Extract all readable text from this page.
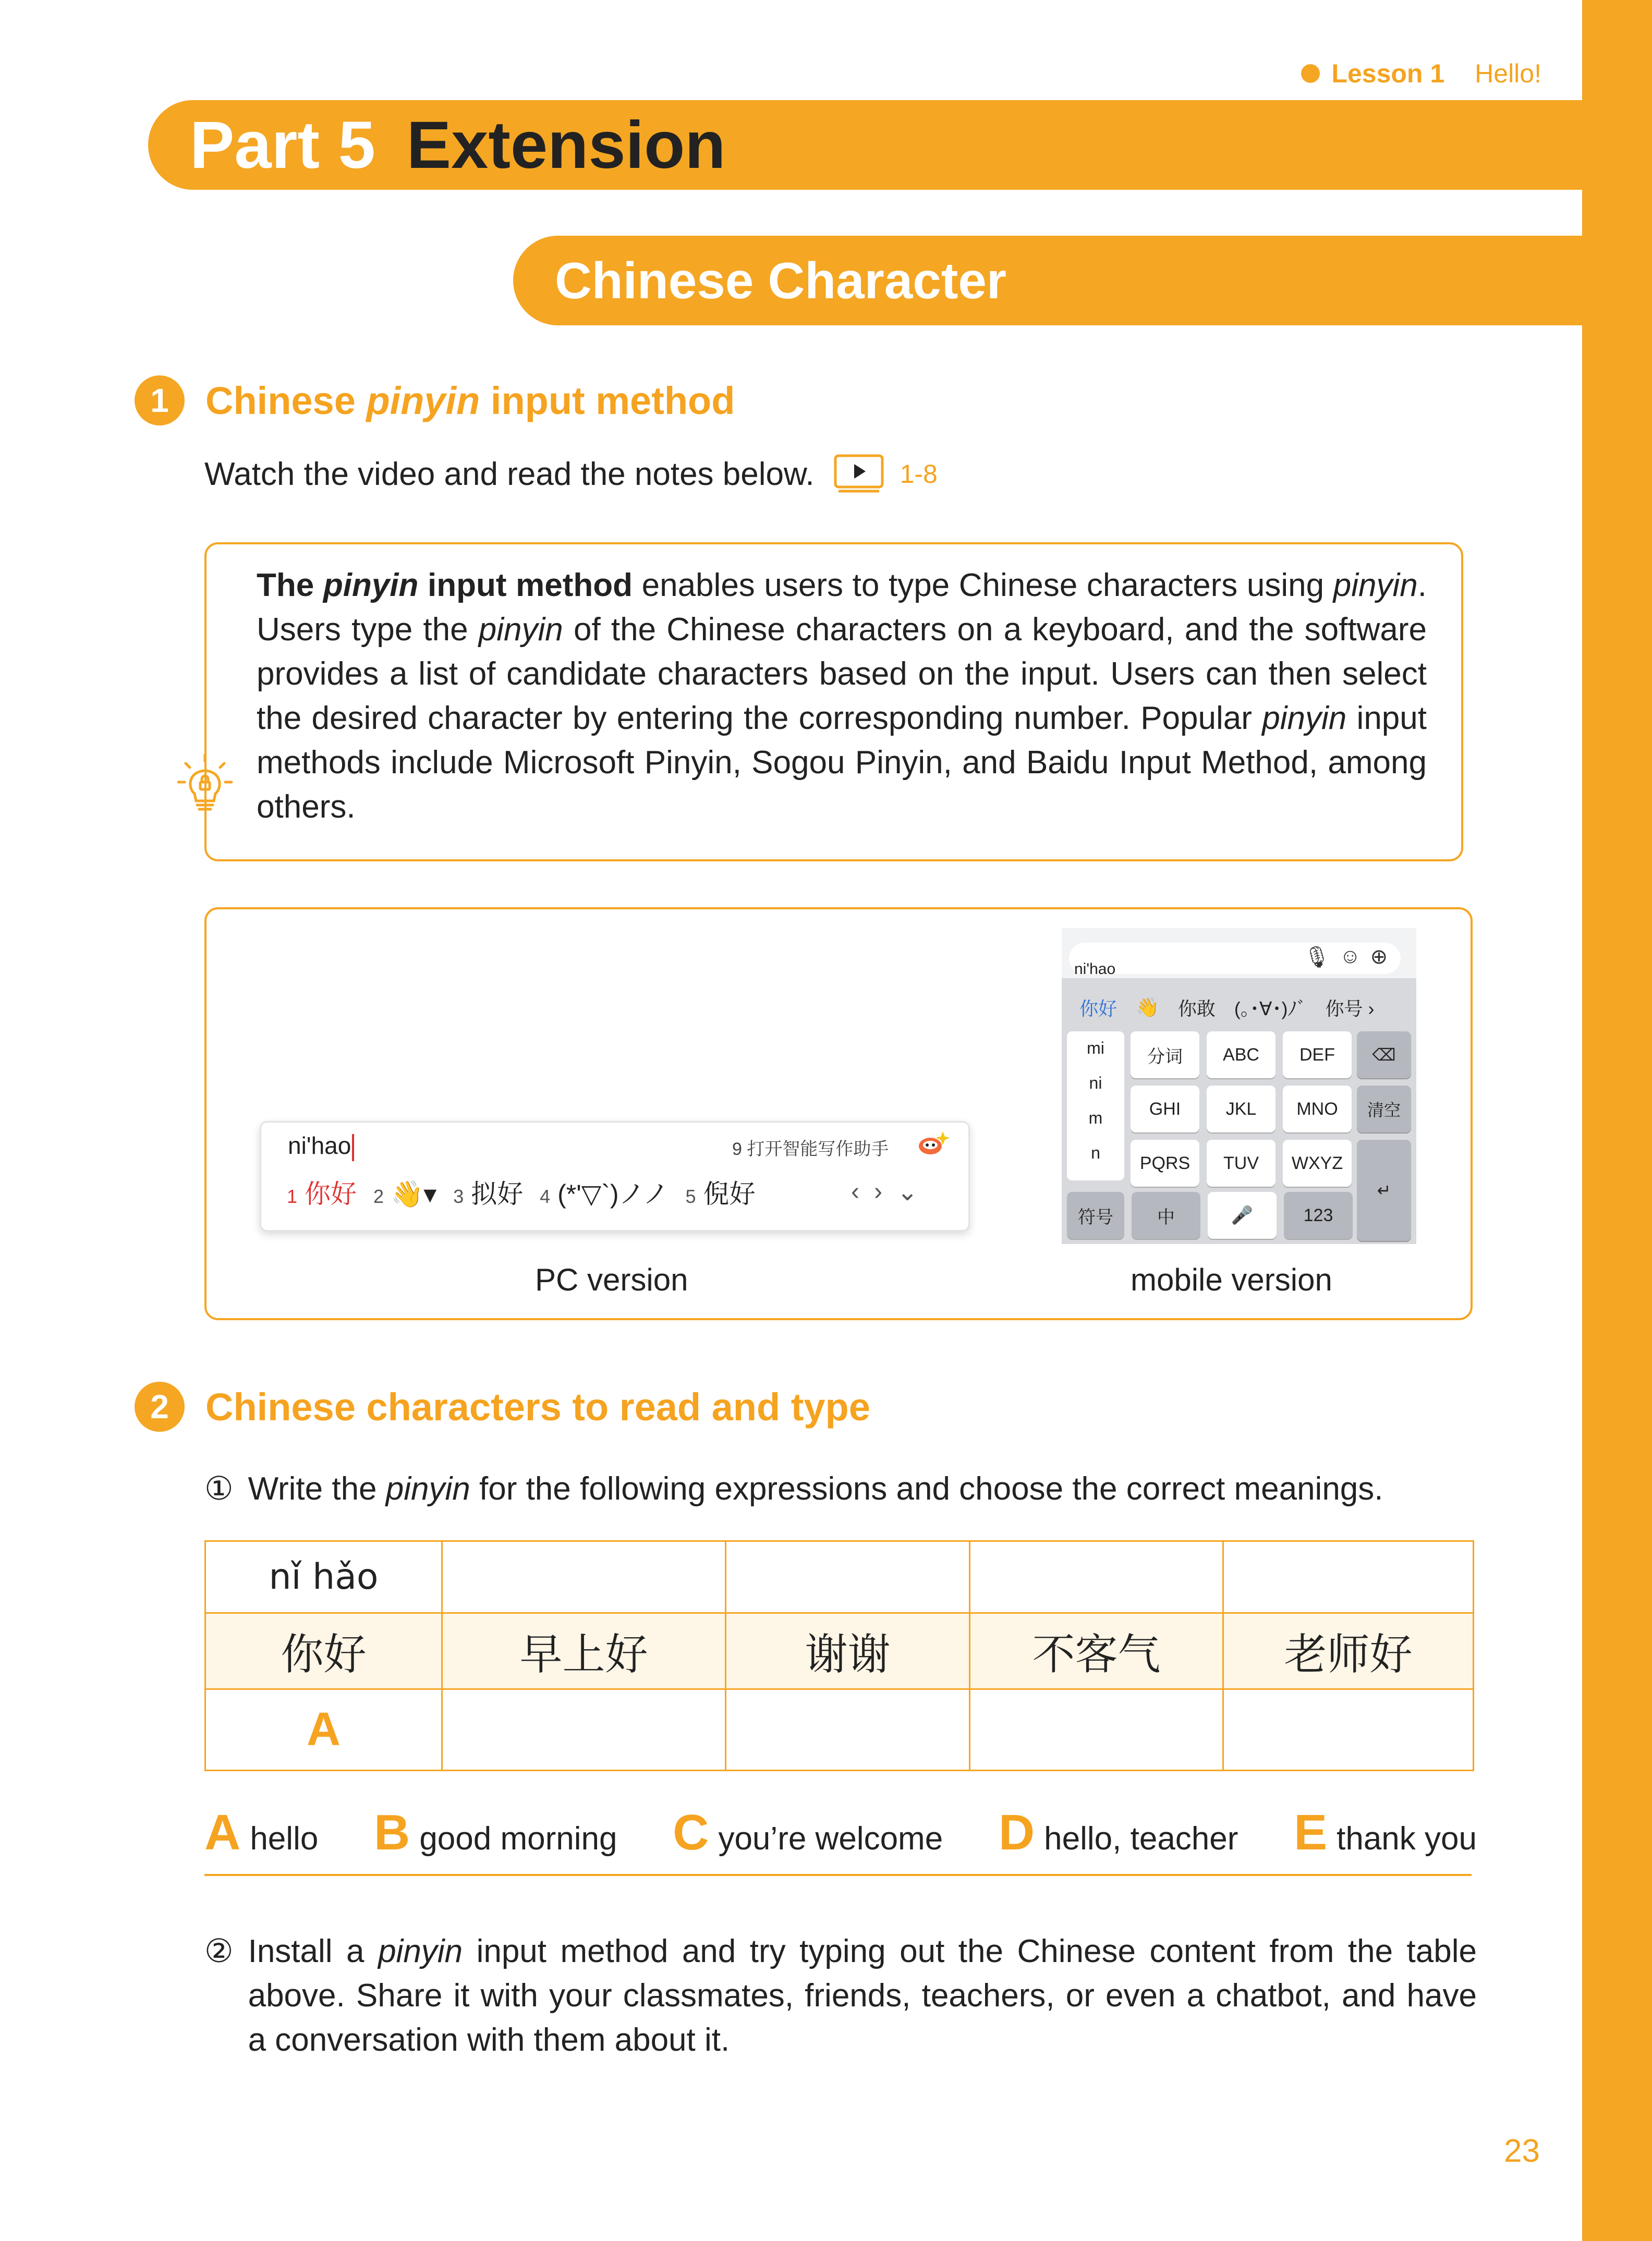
Lesson 1 Hello!
Part 5 Extension
Chinese Character
1 Chinese pinyin input method
Watch the video and read the notes below.	1-8
The pinyin input method enables users to type Chinese characters using pinyin. Users type the pinyin of the Chinese characters on a keyboard, and the software provides a list of candidate characters based on the input. Users can then select the desired character by entering the corresponding number. Popular pinyin input methods include Microsoft Pinyin, Sogou Pinyin, and Baidu Input Method, among others.
ni'hao	9 打开智能写作助手
1 你好 2 👋▾ 3 拟好 4 (*'▽`)ノノ 5 倪好	‹ › ⌄
PC version
ni'hao
🎙 ☺ ⊕
你好 👋 你敢 (｡･∀･)ﾉﾞ 你号 ›
mi
ni
m
n
分词	ABC	DEF
GHI	JKL	MNO
PQRS	TUV	WXYZ
⌫
清空
↵
符号	中	🎤	123
mobile version
2 Chinese characters to read and type
① Write the pinyin for the following expressions and choose the correct meanings.
nǐ hǎo				
你好	早上好	谢谢	不客气	老师好
A				
Ahello Bgood morning Cyou’re welcome Dhello, teacher Ethank you
② Install a pinyin input method and try typing out the Chinese content from the table above. Share it with your classmates, friends, teachers, or even a chatbot, and have a conversation with them about it.
23
